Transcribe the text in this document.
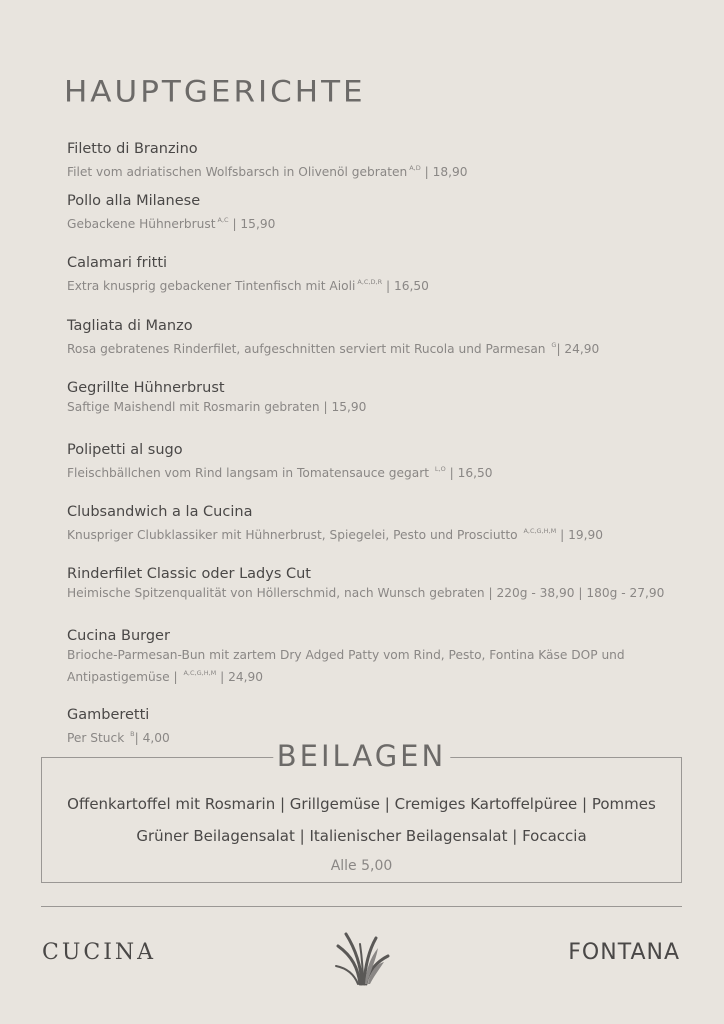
HAUPTGERICHTE
Filetto di Branzino
Filet vom adriatischen Wolfsbarsch in Olivenöl gebraten $^{A,D}$ | 18,90
Pollo alla Milanese
Gebackene Hühnerbrust $^{A,C}$ | 15,90
Calamari fritti
Extra knusprig gebackener Tintenfisch mit Aioli $^{A,C,D,R}$ | 16,50
Tagliata di Manzo
Rosa gebratenes Rinderfilet, aufgeschnitten serviert mit Rucola und Parmesan $^G$| 24,90
Gegrillte Hühnerbrust
Saftige Maishendl mit Rosmarin gebraten | 15,90
Polipetti al sugo
Fleischbällchen vom Rind langsam in Tomatensauce gegart $^{L,O}$ | 16,50
Clubsandwich a la Cucina
Knuspriger Clubklassiker mit Hühnerbrust, Spiegelei, Pesto und Prosciutto $^{A,C,G,H,M}$ | 19,90
Rinderfilet Classic oder Ladys Cut
Heimische Spitzenqualität von Höllerschmid, nach Wunsch gebraten | 220g - 38,90 | 180g - 27,90
Cucina Burger
Brioche-Parmesan-Bun mit zartem Dry Adged Patty vom Rind, Pesto, Fontina Käse DOP und
Antipastigemüse | $^{A,C,G,H,M}$ | 24,90
Gamberetti
Per Stuck $^B$| 4,00
BEILAGEN
Offenkartoffel mit Rosmarin | Grillgemüse | Cremiges Kartoffelpüree | Pommes
Grüner Beilagensalat | Italienischer Beilagensalat | Focaccia
Alle 5,00
CUCINA	FONTANA
